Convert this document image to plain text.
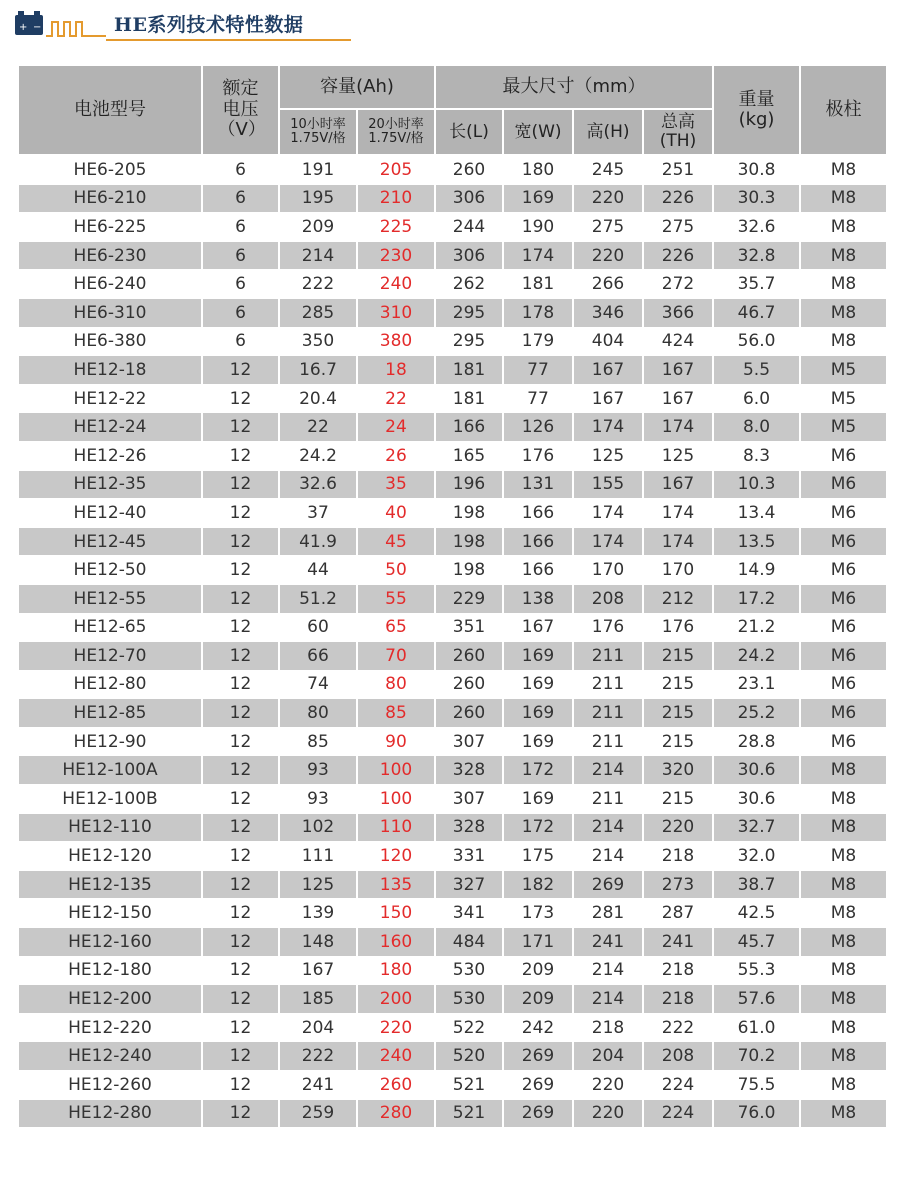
+ −	HE系列技术特性数据
电池型号	额定电压（V）	容量(Ah)		最大尺寸（mm）				重量(kg)	极柱

		10小时率1.75V/格	20小时率1.75V/格	长(L)	宽(W)	高(H)	总高(TH)		

HE6-205	6	191	205	260	180	245	251	30.8	M8
HE6-210	6	195	210	306	169	220	226	30.3	M8
HE6-225	6	209	225	244	190	275	275	32.6	M8
HE6-230	6	214	230	306	174	220	226	32.8	M8
HE6-240	6	222	240	262	181	266	272	35.7	M8
HE6-310	6	285	310	295	178	346	366	46.7	M8
HE6-380	6	350	380	295	179	404	424	56.0	M8
HE12-18	12	16.7	18	181	77	167	167	5.5	M5
HE12-22	12	20.4	22	181	77	167	167	6.0	M5
HE12-24	12	22	24	166	126	174	174	8.0	M5
HE12-26	12	24.2	26	165	176	125	125	8.3	M6
HE12-35	12	32.6	35	196	131	155	167	10.3	M6
HE12-40	12	37	40	198	166	174	174	13.4	M6
HE12-45	12	41.9	45	198	166	174	174	13.5	M6
HE12-50	12	44	50	198	166	170	170	14.9	M6
HE12-55	12	51.2	55	229	138	208	212	17.2	M6
HE12-65	12	60	65	351	167	176	176	21.2	M6
HE12-70	12	66	70	260	169	211	215	24.2	M6
HE12-80	12	74	80	260	169	211	215	23.1	M6
HE12-85	12	80	85	260	169	211	215	25.2	M6
HE12-90	12	85	90	307	169	211	215	28.8	M6
HE12-100A	12	93	100	328	172	214	320	30.6	M8
HE12-100B	12	93	100	307	169	211	215	30.6	M8
HE12-110	12	102	110	328	172	214	220	32.7	M8
HE12-120	12	111	120	331	175	214	218	32.0	M8
HE12-135	12	125	135	327	182	269	273	38.7	M8
HE12-150	12	139	150	341	173	281	287	42.5	M8
HE12-160	12	148	160	484	171	241	241	45.7	M8
HE12-180	12	167	180	530	209	214	218	55.3	M8
HE12-200	12	185	200	530	209	214	218	57.6	M8
HE12-220	12	204	220	522	242	218	222	61.0	M8
HE12-240	12	222	240	520	269	204	208	70.2	M8
HE12-260	12	241	260	521	269	220	224	75.5	M8
HE12-280	12	259	280	521	269	220	224	76.0	M8
